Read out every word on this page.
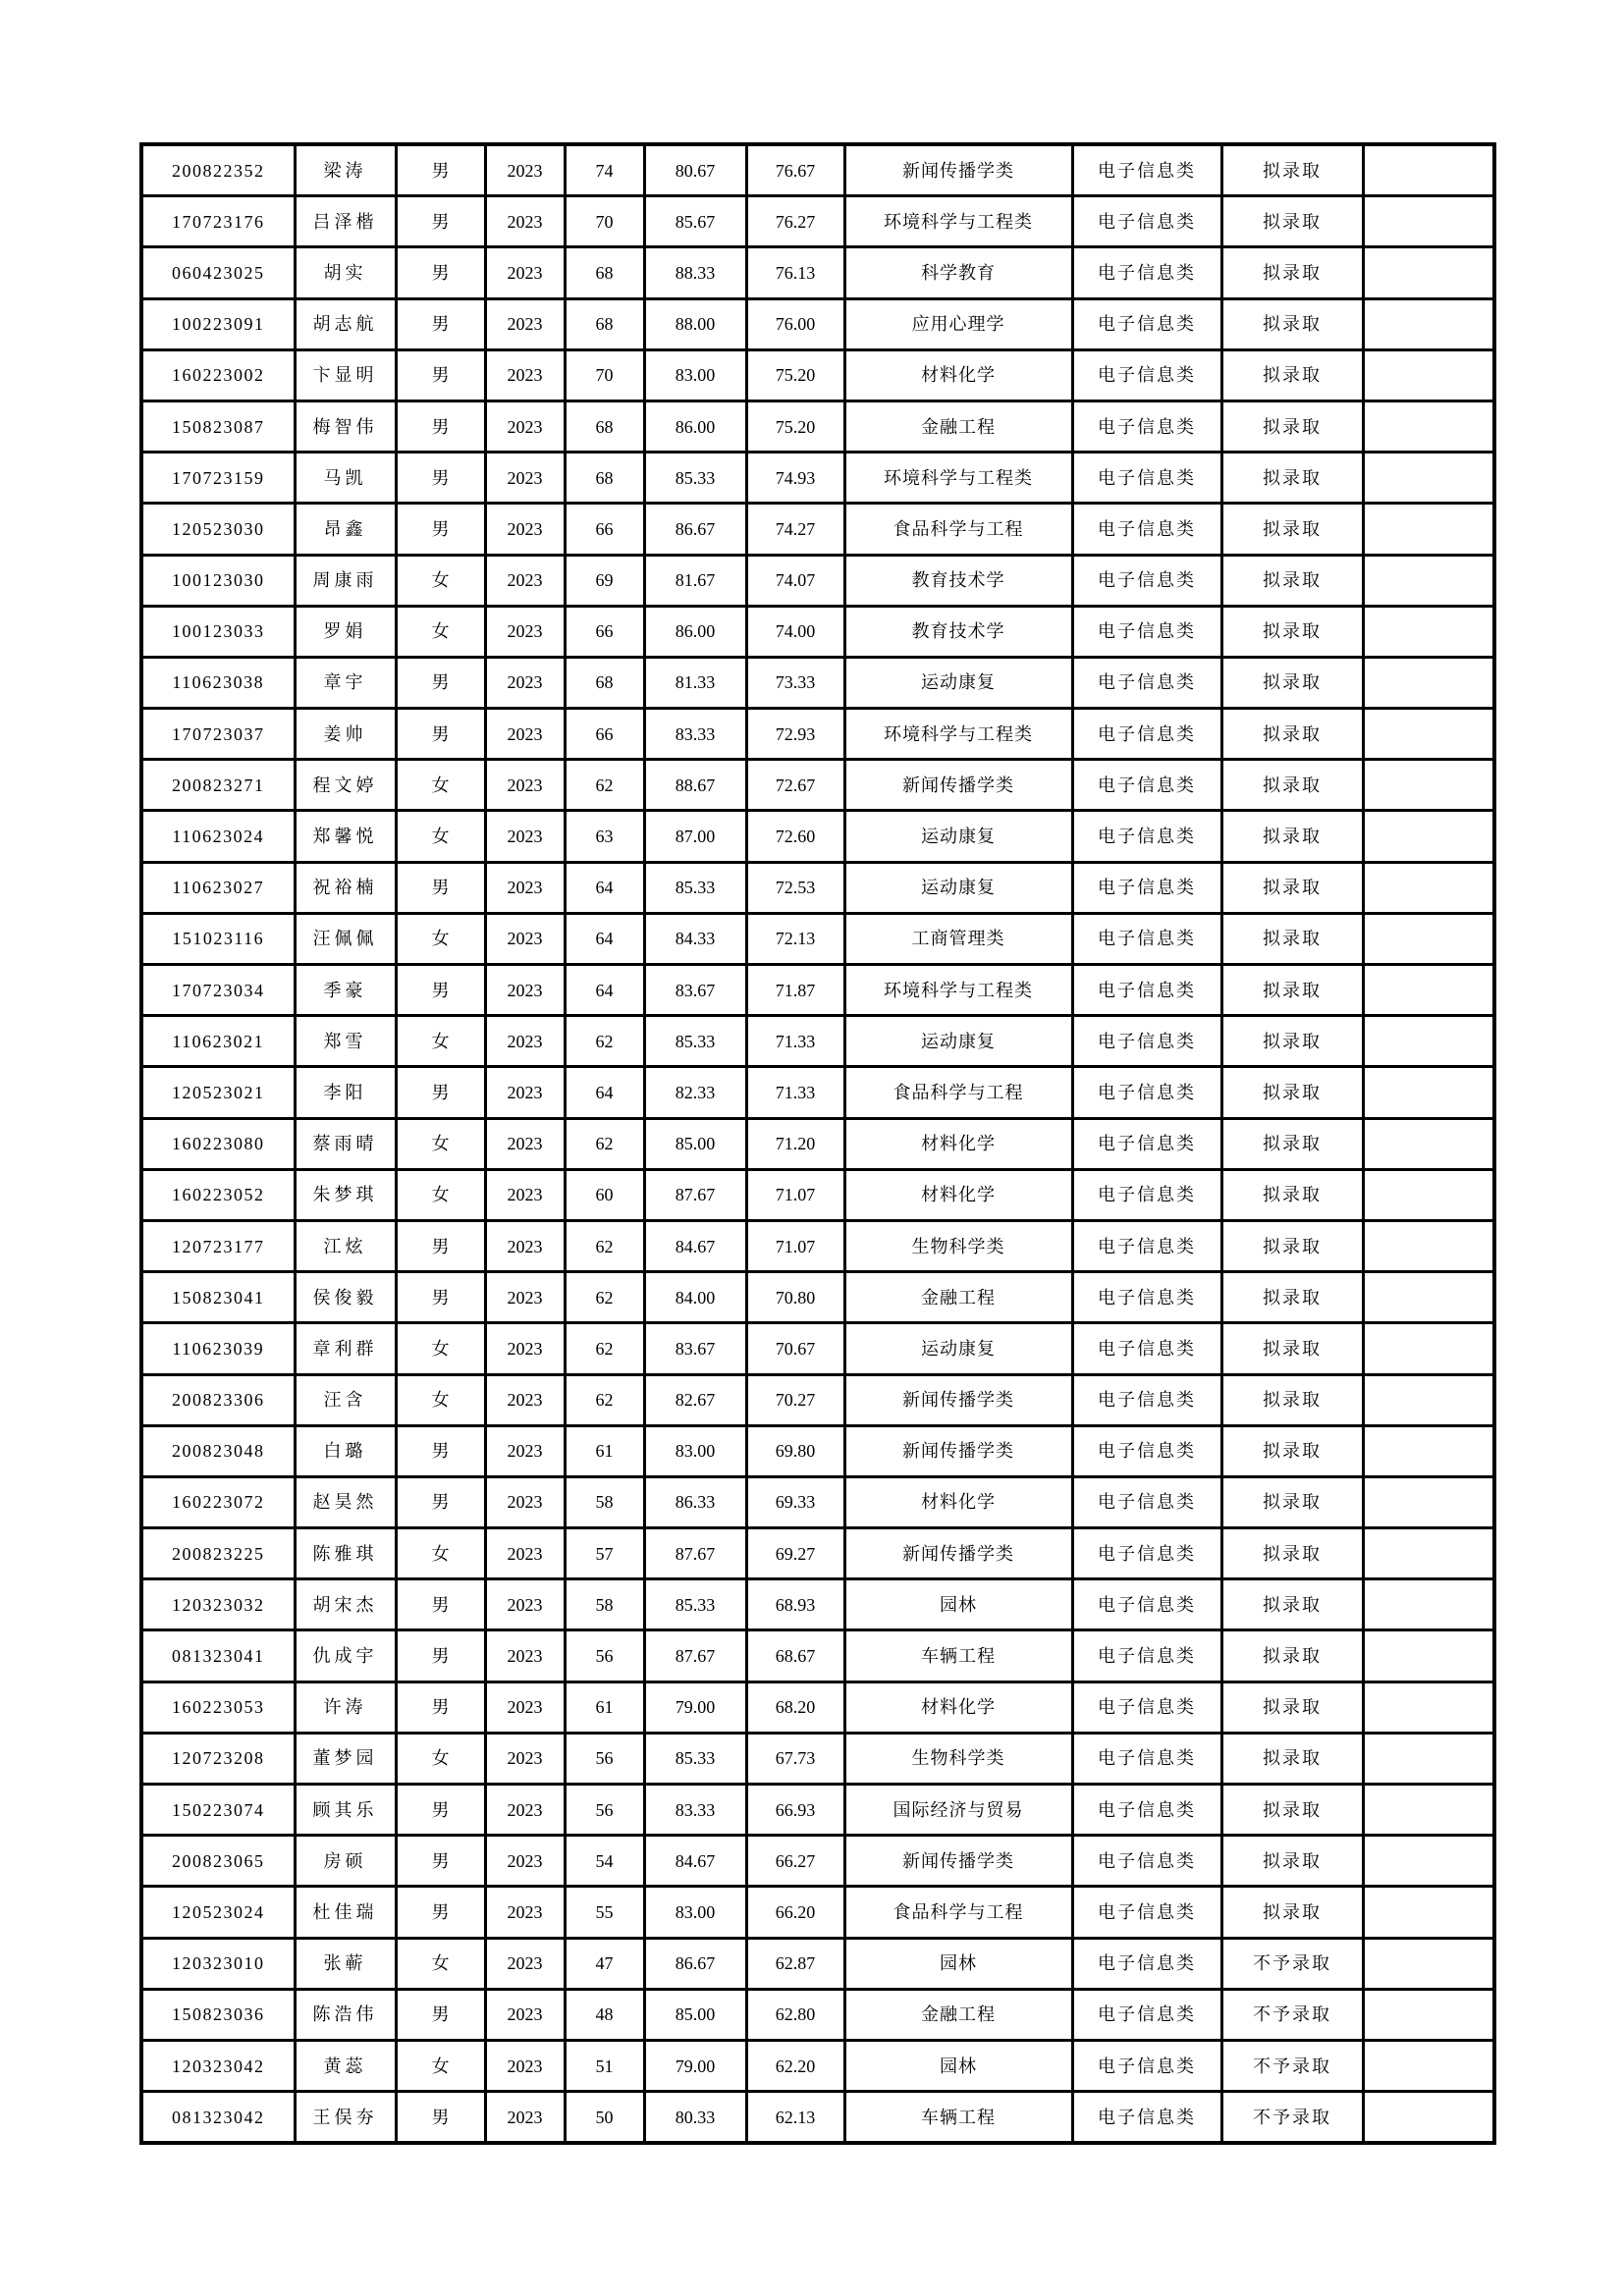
200822352	梁涛	男	2023	74	80.67	76.67	新闻传播学类	电子信息类	拟录取	
170723176	吕泽楷	男	2023	70	85.67	76.27	环境科学与工程类	电子信息类	拟录取	
060423025	胡实	男	2023	68	88.33	76.13	科学教育	电子信息类	拟录取	
100223091	胡志航	男	2023	68	88.00	76.00	应用心理学	电子信息类	拟录取	
160223002	卞显明	男	2023	70	83.00	75.20	材料化学	电子信息类	拟录取	
150823087	梅智伟	男	2023	68	86.00	75.20	金融工程	电子信息类	拟录取	
170723159	马凯	男	2023	68	85.33	74.93	环境科学与工程类	电子信息类	拟录取	
120523030	昂鑫	男	2023	66	86.67	74.27	食品科学与工程	电子信息类	拟录取	
100123030	周康雨	女	2023	69	81.67	74.07	教育技术学	电子信息类	拟录取	
100123033	罗娟	女	2023	66	86.00	74.00	教育技术学	电子信息类	拟录取	
110623038	章宇	男	2023	68	81.33	73.33	运动康复	电子信息类	拟录取	
170723037	姜帅	男	2023	66	83.33	72.93	环境科学与工程类	电子信息类	拟录取	
200823271	程文婷	女	2023	62	88.67	72.67	新闻传播学类	电子信息类	拟录取	
110623024	郑馨悦	女	2023	63	87.00	72.60	运动康复	电子信息类	拟录取	
110623027	祝裕楠	男	2023	64	85.33	72.53	运动康复	电子信息类	拟录取	
151023116	汪佩佩	女	2023	64	84.33	72.13	工商管理类	电子信息类	拟录取	
170723034	季豪	男	2023	64	83.67	71.87	环境科学与工程类	电子信息类	拟录取	
110623021	郑雪	女	2023	62	85.33	71.33	运动康复	电子信息类	拟录取	
120523021	李阳	男	2023	64	82.33	71.33	食品科学与工程	电子信息类	拟录取	
160223080	蔡雨晴	女	2023	62	85.00	71.20	材料化学	电子信息类	拟录取	
160223052	朱梦琪	女	2023	60	87.67	71.07	材料化学	电子信息类	拟录取	
120723177	江炫	男	2023	62	84.67	71.07	生物科学类	电子信息类	拟录取	
150823041	侯俊毅	男	2023	62	84.00	70.80	金融工程	电子信息类	拟录取	
110623039	章利群	女	2023	62	83.67	70.67	运动康复	电子信息类	拟录取	
200823306	汪含	女	2023	62	82.67	70.27	新闻传播学类	电子信息类	拟录取	
200823048	白璐	男	2023	61	83.00	69.80	新闻传播学类	电子信息类	拟录取	
160223072	赵昊然	男	2023	58	86.33	69.33	材料化学	电子信息类	拟录取	
200823225	陈雅琪	女	2023	57	87.67	69.27	新闻传播学类	电子信息类	拟录取	
120323032	胡宋杰	男	2023	58	85.33	68.93	园林	电子信息类	拟录取	
081323041	仇成宇	男	2023	56	87.67	68.67	车辆工程	电子信息类	拟录取	
160223053	许涛	男	2023	61	79.00	68.20	材料化学	电子信息类	拟录取	
120723208	董梦园	女	2023	56	85.33	67.73	生物科学类	电子信息类	拟录取	
150223074	顾其乐	男	2023	56	83.33	66.93	国际经济与贸易	电子信息类	拟录取	
200823065	房硕	男	2023	54	84.67	66.27	新闻传播学类	电子信息类	拟录取	
120523024	杜佳瑞	男	2023	55	83.00	66.20	食品科学与工程	电子信息类	拟录取	
120323010	张蕲	女	2023	47	86.67	62.87	园林	电子信息类	不予录取	
150823036	陈浩伟	男	2023	48	85.00	62.80	金融工程	电子信息类	不予录取	
120323042	黄蕊	女	2023	51	79.00	62.20	园林	电子信息类	不予录取	
081323042	王俣夯	男	2023	50	80.33	62.13	车辆工程	电子信息类	不予录取	
